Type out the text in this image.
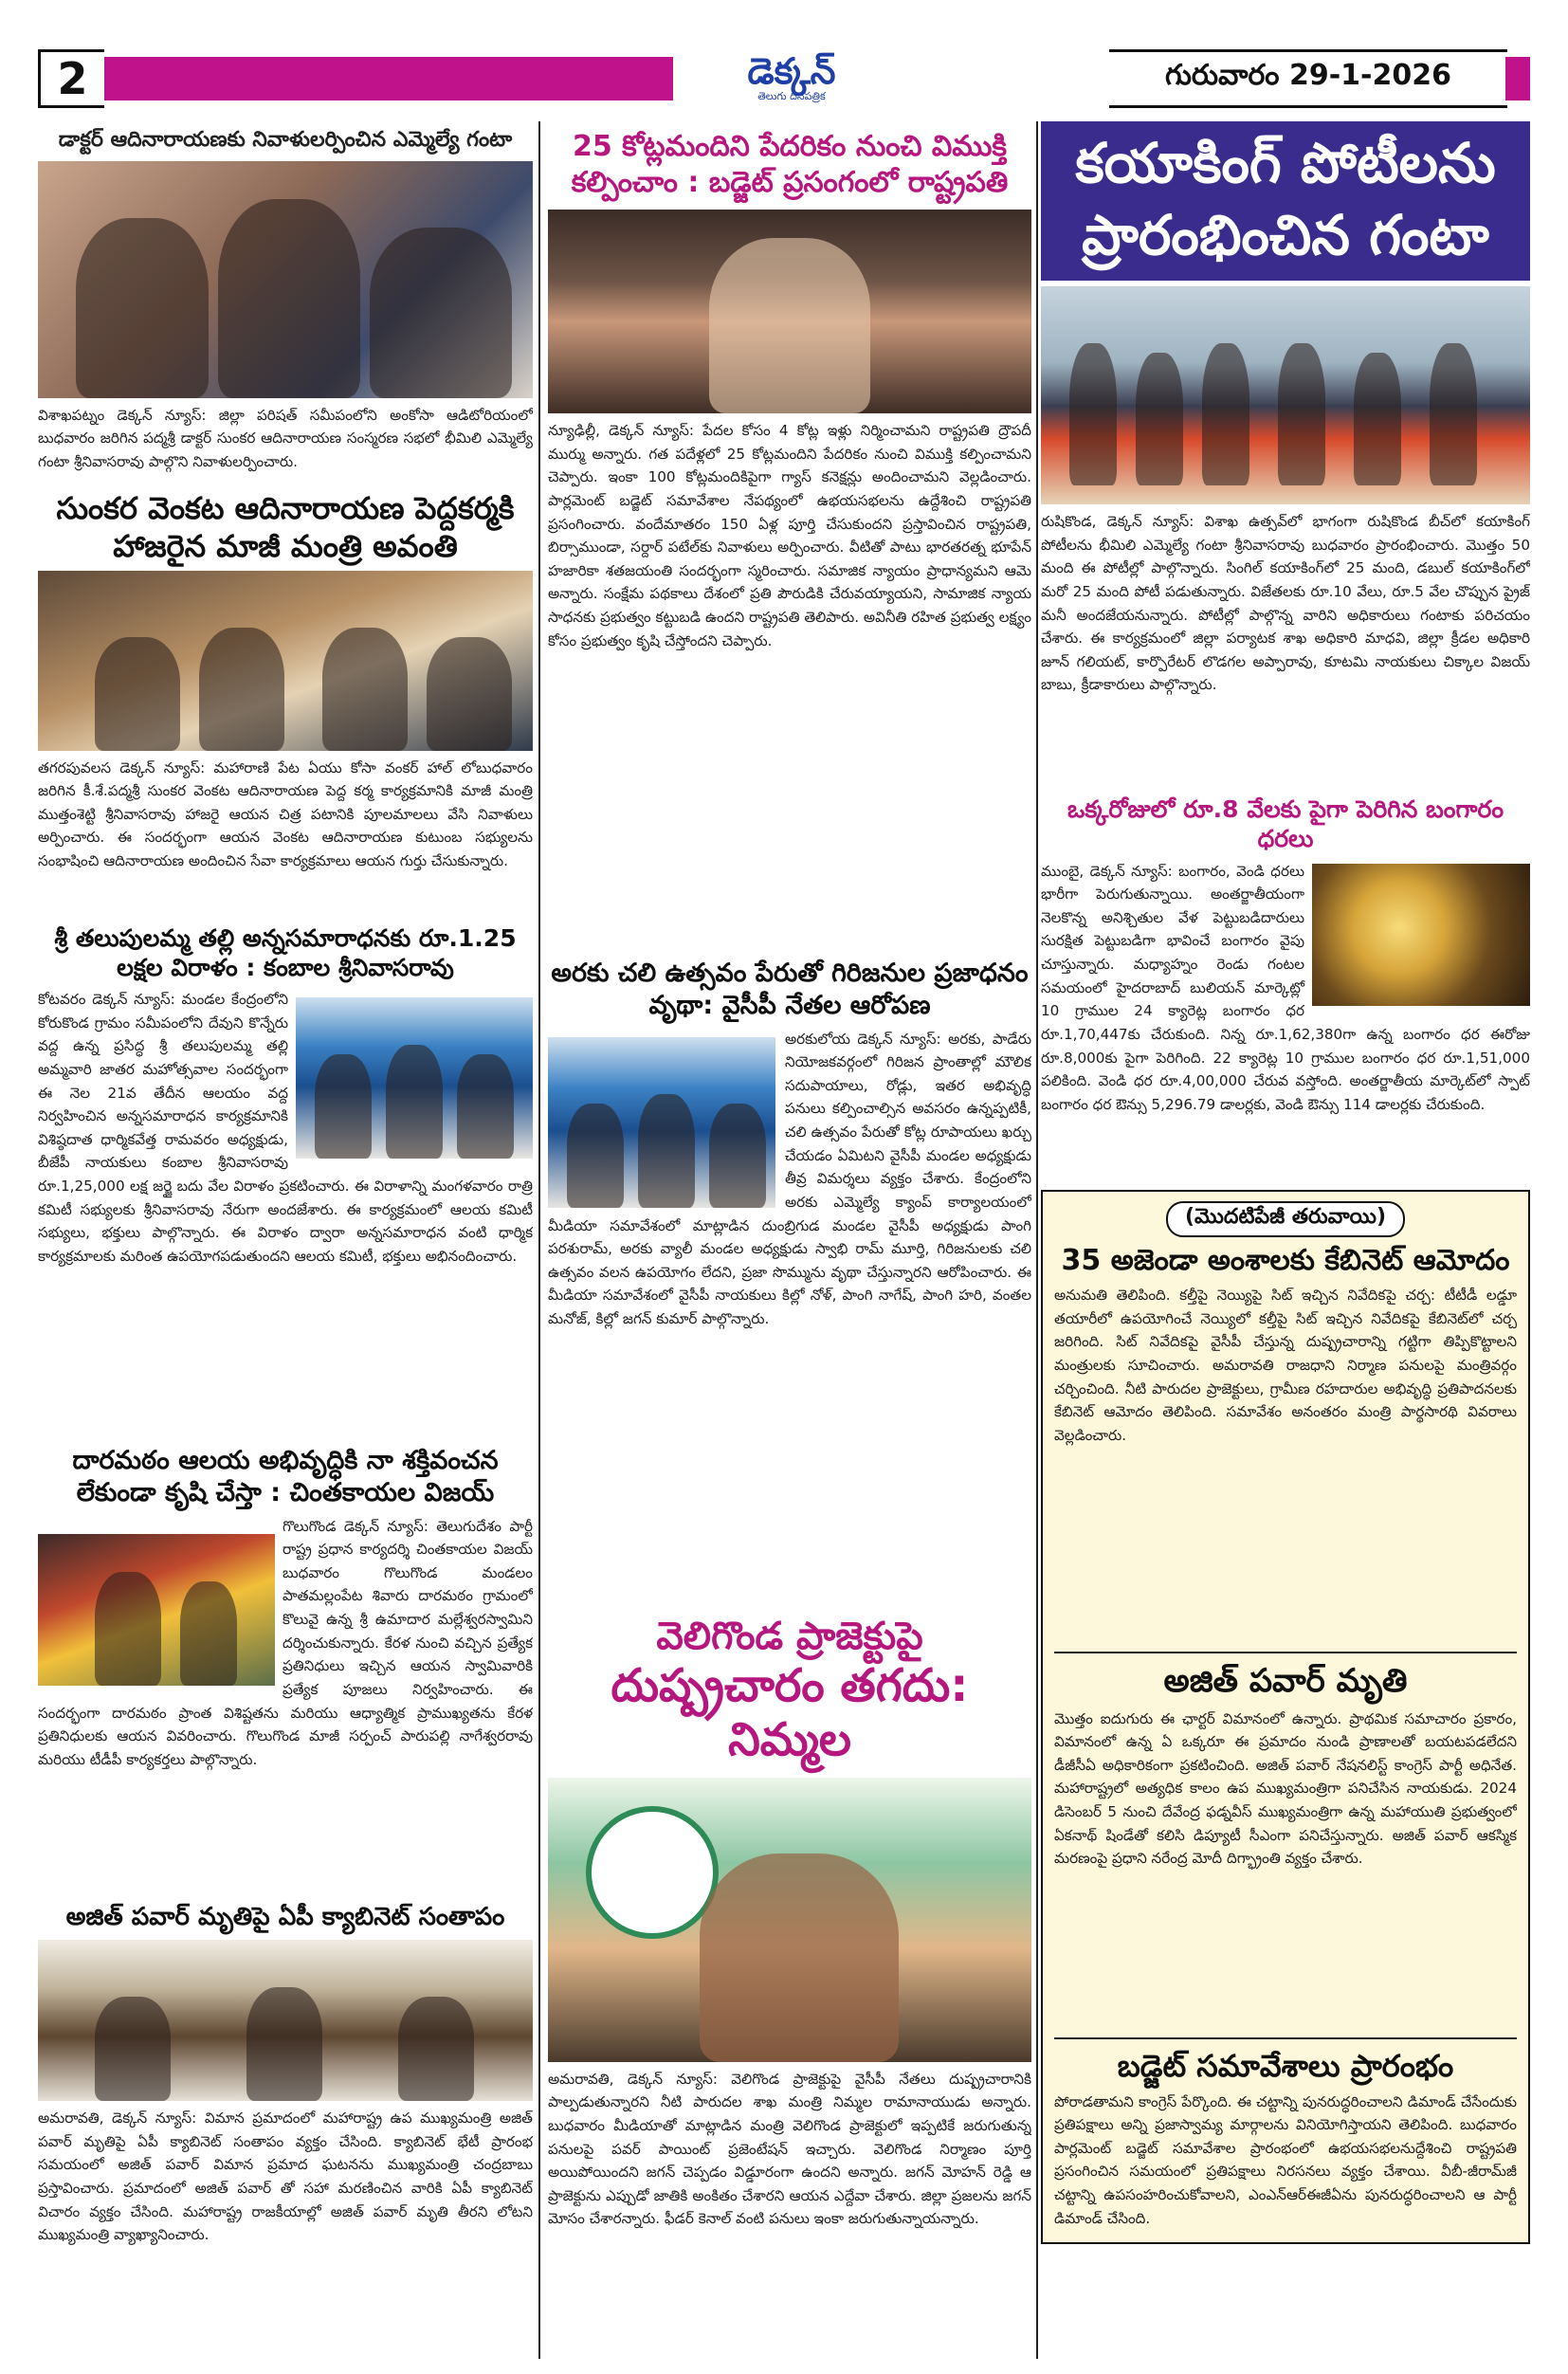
2	డెక్కన్
తెలుగు దినపత్రిక
గురువారం 29-1-2026
డాక్టర్ ఆదినారాయణకు నివాళులర్పించిన ఎమ్మెల్యే గంటా
విశాఖపట్నం డెక్కన్ న్యూస్: జిల్లా పరిషత్ సమీపంలోని అంకోసా ఆడిటోరియంలో బుధవారం జరిగిన పద్మశ్రీ డాక్టర్ సుంకర ఆదినారాయణ సంస్మరణ సభలో భీమిలి ఎమ్మెల్యే గంటా శ్రీనివాసరావు పాల్గొని నివాళులర్పించారు.
సుంకర వెంకట ఆదినారాయణ పెద్దకర్మకి హాజరైన మాజీ మంత్రి అవంతి
తగరపువలస డెక్కన్ న్యూస్: మహారాణి పేట ఏయు కోసా వంకర్ హాల్ లోబుధవారం జరిగిన కీ.శే.పద్మశ్రీ సుంకర వెంకట ఆదినారాయణ పెద్ద కర్మ కార్యక్రమానికి మాజీ మంత్రి ముత్తంశెట్టి శ్రీనివాసరావు హాజరై ఆయన చిత్ర పటానికి పూలమాలలు వేసి నివాళులు అర్పించారు. ఈ సందర్భంగా ఆయన వెంకట ఆదినారాయణ కుటుంబ సభ్యులను సంభాషించి ఆదినారాయణ అందించిన సేవా కార్యక్రమాలు ఆయన గుర్తు చేసుకున్నారు.
శ్రీ తలుపులమ్మ తల్లి అన్నసమారాధనకు రూ.1.25 లక్షల విరాళం : కంబాల శ్రీనివాసరావు
కోటవరం డెక్కన్ న్యూస్: మండల కేంద్రంలోని కోరుకొండ గ్రామం సమీపంలోని దేవుని కొన్నేరు వద్ద ఉన్న ప్రసిద్ధ శ్రీ తలుపులమ్మ తల్లి అమ్మవారి జాతర మహోత్సవాల సందర్భంగా ఈ నెల 21వ తేదీన ఆలయం వద్ద నిర్వహించిన అన్నసమారాధన కార్యక్రమానికి విశిష్ఠదాత ధార్మికవేత్త రామవరం అధ్యక్షుడు, బీజేపీ నాయకులు కంబాల శ్రీనివాసరావు రూ.1,25,000 లక్ష జర్జై బదు వేల విరాళం ప్రకటించారు. ఈ విరాళాన్ని మంగళవారం రాత్రి కమిటీ సభ్యులకు శ్రీనివాసరావు నేరుగా అందజేశారు. ఈ కార్యక్రమంలో ఆలయ కమిటీ సభ్యులు, భక్తులు పాల్గొన్నారు. ఈ విరాళం ద్వారా అన్నసమారాధన వంటి ధార్మిక కార్యక్రమాలకు మరింత ఉపయోగపడుతుందని ఆలయ కమిటీ, భక్తులు అభినందించారు.
దారమఠం ఆలయ అభివృద్ధికి నా శక్తివంచన లేకుండా కృషి చేస్తా : చింతకాయల విజయ్
గొలుగొండ డెక్కన్ న్యూస్: తెలుగుదేశం పార్టీ రాష్ట్ర ప్రధాన కార్యదర్శి చింతకాయల విజయ్ బుధవారం గొలుగొండ మండలం పాతమల్లంపేట శివారు దారమఠం గ్రామంలో కొలువై ఉన్న శ్రీ ఉమాదార మల్లేశ్వరస్వామిని దర్శించుకున్నారు. కేరళ నుంచి వచ్చిన ప్రత్యేక ప్రతినిధులు ఇచ్చిన ఆయన స్వామివారికి ప్రత్యేక పూజలు నిర్వహించారు. ఈ సందర్భంగా దారమఠం ప్రాంత విశిష్టతను మరియు ఆధ్యాత్మిక ప్రాముఖ్యతను కేరళ ప్రతినిధులకు ఆయన వివరించారు. గొలుగొండ మాజీ సర్పంచ్ పారుపల్లి నాగేశ్వరరావు మరియు టీడీపీ కార్యకర్తలు పాల్గొన్నారు.
అజిత్ పవార్ మృతిపై ఏపీ క్యాబినెట్ సంతాపం
అమరావతి, డెక్కన్ న్యూస్: విమాన ప్రమాదంలో మహారాష్ట్ర ఉప ముఖ్యమంత్రి అజిత్ పవార్ మృతిపై ఏపీ క్యాబినెట్ సంతాపం వ్యక్తం చేసింది. క్యాబినెట్ భేటీ ప్రారంభ సమయంలో అజిత్ పవార్ విమాన ప్రమాద ఘటనను ముఖ్యమంత్రి చంద్రబాబు ప్రస్తావించారు. ప్రమాదంలో అజిత్ పవార్ తో సహా మరణించిన వారికి ఏపీ క్యాబినెట్ విచారం వ్యక్తం చేసింది. మహారాష్ట్ర రాజకీయాల్లో అజిత్ పవార్ మృతి తీరని లోటని ముఖ్యమంత్రి వ్యాఖ్యానించారు.
25 కోట్లమందిని పేదరికం నుంచి విముక్తి కల్పించాం : బడ్జెట్ ప్రసంగంలో రాష్ట్రపతి
న్యూఢిల్లీ, డెక్కన్ న్యూస్: పేదల కోసం 4 కోట్ల ఇళ్లు నిర్మించామని రాష్ట్రపతి ద్రౌపదీ ముర్ము అన్నారు. గత పదేళ్లలో 25 కోట్లమందిని పేదరికం నుంచి విముక్తి కల్పించామని చెప్పారు. ఇంకా 100 కోట్లమందికిపైగా గ్యాస్ కనెక్షన్లు అందించామని వెల్లడించారు. పార్లమెంట్ బడ్జెట్ సమావేశాల నేపథ్యంలో ఉభయసభలను ఉద్దేశించి రాష్ట్రపతి ప్రసంగించారు. వందేమాతరం 150 ఏళ్ల పూర్తి చేసుకుందని ప్రస్తావించిన రాష్ట్రపతి, బిర్సాముండా, సర్దార్ పటేల్‌కు నివాళులు అర్పించారు. వీటితో పాటు భారతరత్న భూపేన్ హజారికా శతజయంతి సందర్భంగా స్మరించారు. సమాజిక న్యాయం ప్రాధాన్యమని ఆమె అన్నారు. సంక్షేమ పథకాలు దేశంలో ప్రతి పౌరుడికి చేరువయ్యాయని, సామాజిక న్యాయ సాధనకు ప్రభుత్వం కట్టుబడి ఉందని రాష్ట్రపతి తెలిపారు. అవినీతి రహిత ప్రభుత్వ లక్ష్యం కోసం ప్రభుత్వం కృషి చేస్తోందని చెప్పారు.
అరకు చలి ఉత్సవం పేరుతో గిరిజనుల ప్రజాధనం వృథా: వైసీపీ నేతల ఆరోపణ
అరకులోయ డెక్కన్ న్యూస్: అరకు, పాడేరు నియోజకవర్గంలో గిరిజన ప్రాంతాల్లో మౌలిక సదుపాయాలు, రోడ్లు, ఇతర అభివృద్ధి పనులు కల్పించాల్సిన అవసరం ఉన్నప్పటికీ, చలి ఉత్సవం పేరుతో కోట్ల రూపాయలు ఖర్చు చేయడం ఏమిటని వైసీపీ మండల అధ్యక్షుడు తీవ్ర విమర్శలు వ్యక్తం చేశారు. కేంద్రంలోని అరకు ఎమ్మెల్యే క్యాంప్ కార్యాలయంలో మీడియా సమావేశంలో మాట్లాడిన దుంబ్రిగుడ మండల వైసీపీ అధ్యక్షుడు పాంగి పరశురామ్, అరకు వ్యాలీ మండల అధ్యక్షుడు స్వాభి రామ్ మూర్తి, గిరిజనులకు చలి ఉత్సవం వలన ఉపయోగం లేదని, ప్రజా సొమ్మును వృథా చేస్తున్నారని ఆరోపించారు. ఈ మీడియా సమావేశంలో వైసీపీ నాయకులు కిల్లో నోళ్, పాంగి నాగేష్, పాంగి హరి, వంతల మనోజ్, కిల్లో జగన్ కుమార్ పాల్గొన్నారు.
వెలిగొండ ప్రాజెక్టుపై
దుష్ప్రచారం తగదు: నిమ్మల
అమరావతి, డెక్కన్ న్యూస్: వెలిగొండ ప్రాజెక్టుపై వైసీపీ నేతలు దుష్ప్రచారానికి పాల్పడుతున్నారని నీటి పారుదల శాఖ మంత్రి నిమ్మల రామానాయుడు అన్నారు. బుధవారం మీడియాతో మాట్లాడిన మంత్రి వెలిగొండ ప్రాజెక్టులో ఇప్పటికే జరుగుతున్న పనులపై పవర్ పాయింట్ ప్రజెంటేషన్ ఇచ్చారు. వెలిగొండ నిర్మాణం పూర్తి అయిపోయిందని జగన్ చెప్పడం విడ్డూరంగా ఉందని అన్నారు. జగన్ మోహన్ రెడ్డి ఆ ప్రాజెక్టును ఎప్పుడో జాతికి అంకితం చేశారని ఆయన ఎద్దేవా చేశారు. జిల్లా ప్రజలను జగన్ మోసం చేశారన్నారు. ఫీడర్ కెనాల్ వంటి పనులు ఇంకా జరుగుతున్నాయన్నారు.
కయాకింగ్ పోటీలను ప్రారంభించిన గంటా
రుషికొండ, డెక్కన్ న్యూస్: విశాఖ ఉత్సవ్‌లో భాగంగా రుషికొండ బీచ్‌లో కయాకింగ్ పోటీలను భీమిలి ఎమ్మెల్యే గంటా శ్రీనివాసరావు బుధవారం ప్రారంభించారు. మొత్తం 50 మంది ఈ పోటీల్లో పాల్గొన్నారు. సింగిల్ కయాకింగ్‌లో 25 మంది, డబుల్ కయాకింగ్‌లో మరో 25 మంది పోటీ పడుతున్నారు. విజేతలకు రూ.10 వేలు, రూ.5 వేల చొప్పున ప్రైజ్ మనీ అందజేయనున్నారు. పోటీల్లో పాల్గొన్న వారిని అధికారులు గంటాకు పరిచయం చేశారు. ఈ కార్యక్రమంలో జిల్లా పర్యాటక శాఖ అధికారి మాధవి, జిల్లా క్రీడల అధికారి జూన్ గలియట్, కార్పొరేటర్ లొడగల అప్పారావు, కూటమి నాయకులు చిక్కాల విజయ్ బాబు, క్రీడాకారులు పాల్గొన్నారు.
ఒక్కరోజులో రూ.8 వేలకు పైగా పెరిగిన బంగారం ధరలు
ముంబై, డెక్కన్ న్యూస్: బంగారం, వెండి ధరలు భారీగా పెరుగుతున్నాయి. అంతర్జాతీయంగా నెలకొన్న అనిశ్చితుల వేళ పెట్టుబడిదారులు సురక్షిత పెట్టుబడిగా భావించే బంగారం వైపు చూస్తున్నారు. మధ్యాహ్నం రెండు గంటల సమయంలో హైదరాబాద్ బులియన్ మార్కెట్లో 10 గ్రాముల 24 క్యారెట్ల బంగారం ధర రూ.1,70,447కు చేరుకుంది. నిన్న రూ.1,62,380గా ఉన్న బంగారం ధర ఈరోజు రూ.8,000కు పైగా పెరిగింది. 22 క్యారెట్ల 10 గ్రాముల బంగారం ధర రూ.1,51,000 పలికింది. వెండి ధర రూ.4,00,000 చేరువ వస్తోంది. అంతర్జాతీయ మార్కెట్‌లో స్పాట్ బంగారం ధర ఔన్సు 5,296.79 డాలర్లకు, వెండి ఔన్సు 114 డాలర్లకు చేరుకుంది.
(మొదటిపేజీ తరువాయి)
35 అజెండా అంశాలకు కేబినెట్ ఆమోదం
అనుమతి తెలిపింది. కల్తీపై నెయ్యిపై సిట్ ఇచ్చిన నివేదికపై చర్చ: టీటీడీ లడ్డూ తయారీలో ఉపయోగించే నెయ్యిలో కల్తీపై సిట్ ఇచ్చిన నివేదికపై కేబినెట్‌లో చర్చ జరిగింది. సిట్ నివేదికపై వైసీపీ చేస్తున్న దుష్ప్రచారాన్ని గట్టిగా తిప్పికొట్టాలని మంత్రులకు సూచించారు. అమరావతి రాజధాని నిర్మాణ పనులపై మంత్రివర్గం చర్చించింది. నీటి పారుదల ప్రాజెక్టులు, గ్రామీణ రహదారుల అభివృద్ధి ప్రతిపాదనలకు కేబినెట్ ఆమోదం తెలిపింది. సమావేశం అనంతరం మంత్రి పార్థసారథి వివరాలు వెల్లడించారు.
అజిత్ పవార్ మృతి
మొత్తం ఐదుగురు ఈ ఛార్టర్ విమానంలో ఉన్నారు. ప్రాథమిక సమాచారం ప్రకారం, విమానంలో ఉన్న ఏ ఒక్కరూ ఈ ప్రమాదం నుండి ప్రాణాలతో బయటపడలేదని డీజీసీఏ అధికారికంగా ప్రకటించింది. అజిత్ పవార్ నేషనలిస్ట్ కాంగ్రెస్ పార్టీ అధినేత. మహారాష్ట్రలో అత్యధిక కాలం ఉప ముఖ్యమంత్రిగా పనిచేసిన నాయకుడు. 2024 డిసెంబర్ 5 నుంచి దేవేంద్ర ఫడ్నవీస్ ముఖ్యమంత్రిగా ఉన్న మహాయుతి ప్రభుత్వంలో ఏకనాథ్ షిండేతో కలిసి డిప్యూటీ సీఎంగా పనిచేస్తున్నారు. అజిత్ పవార్ ఆకస్మిక మరణంపై ప్రధాని నరేంద్ర మోదీ దిగ్భ్రాంతి వ్యక్తం చేశారు.
బడ్జెట్ సమావేశాలు ప్రారంభం
పోరాడతామని కాంగ్రెస్ పేర్కొంది. ఈ చట్టాన్ని పునరుద్ధరించాలని డిమాండ్ చేసేందుకు ప్రతిపక్షాలు అన్ని ప్రజాస్వామ్య మార్గాలను వినియోగిస్తాయని తెలిపింది. బుధవారం పార్లమెంట్ బడ్జెట్ సమావేశాల ప్రారంభంలో ఉభయసభలనుద్దేశించి రాష్ట్రపతి ప్రసంగించిన సమయంలో ప్రతిపక్షాలు నిరసనలు వ్యక్తం చేశాయి. వీబీ-జీరామ్‌జీ చట్టాన్ని ఉపసంహరించుకోవాలని, ఎంఎన్‌ఆర్‌ఈజీఏను పునరుద్ధరించాలని ఆ పార్టీ డిమాండ్ చేసింది.
